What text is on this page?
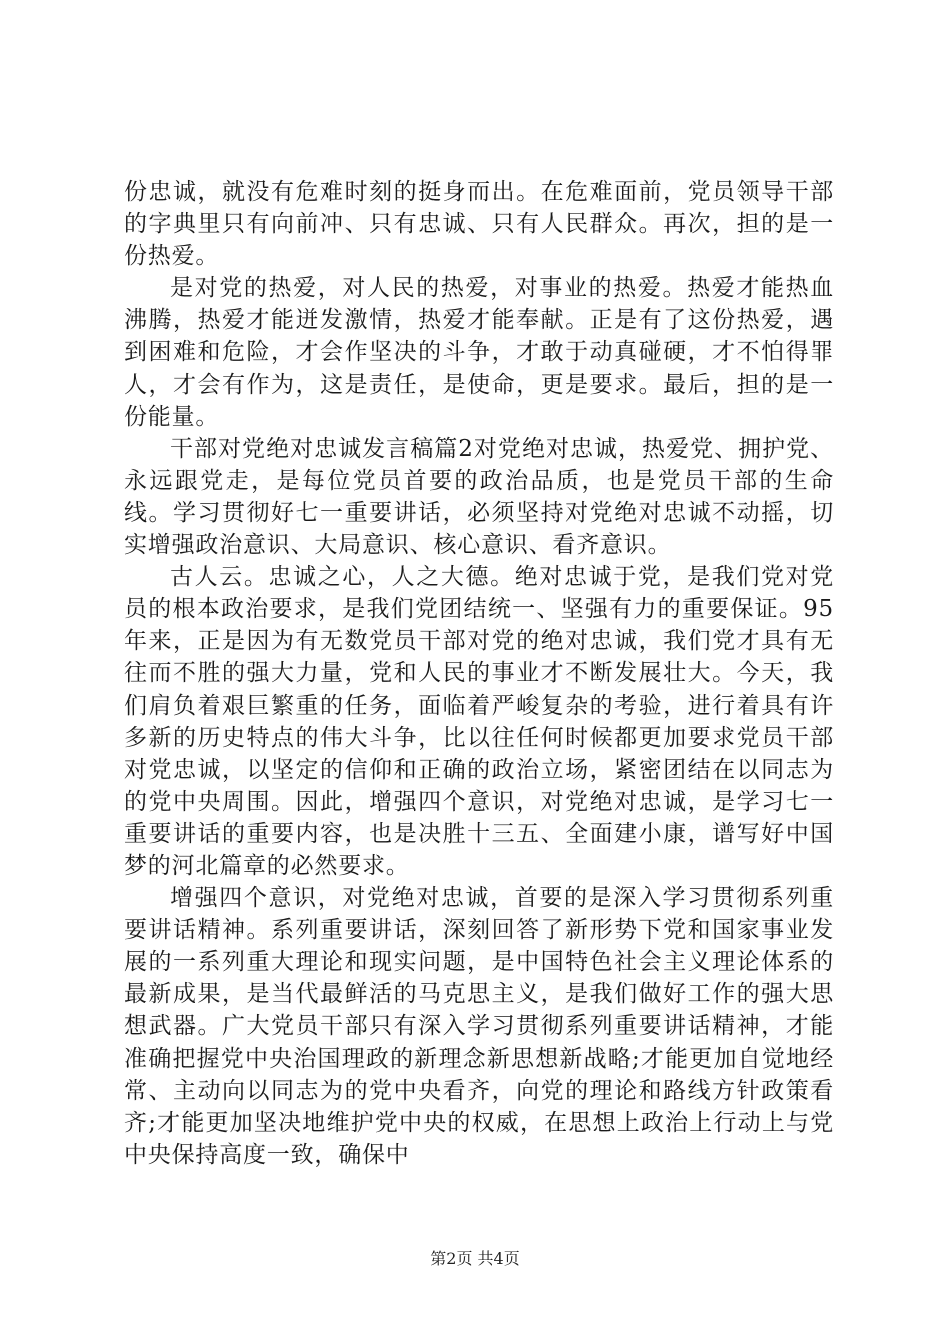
份忠诚，就没有危难时刻的挺身而出。在危难面前，党员领导干部的字典里只有向前冲、只有忠诚、只有人民群众。再次，担的是一份热爱。

是对党的热爱，对人民的热爱，对事业的热爱。热爱才能热血沸腾，热爱才能迸发激情，热爱才能奉献。正是有了这份热爱，遇到困难和危险，才会作坚决的斗争，才敢于动真碰硬，才不怕得罪人，才会有作为，这是责任，是使命，更是要求。最后，担的是一份能量。

干部对党绝对忠诚发言稿篇2对党绝对忠诚，热爱党、拥护党、永远跟党走，是每位党员首要的政治品质，也是党员干部的生命线。学习贯彻好七一重要讲话，必须坚持对党绝对忠诚不动摇，切实增强政治意识、大局意识、核心意识、看齐意识。

古人云。忠诚之心，人之大德。绝对忠诚于党，是我们党对党员的根本政治要求，是我们党团结统一、坚强有力的重要保证。95年来，正是因为有无数党员干部对党的绝对忠诚，我们党才具有无往而不胜的强大力量，党和人民的事业才不断发展壮大。今天，我们肩负着艰巨繁重的任务，面临着严峻复杂的考验，进行着具有许多新的历史特点的伟大斗争，比以往任何时候都更加要求党员干部对党忠诚，以坚定的信仰和正确的政治立场，紧密团结在以同志为的党中央周围。因此，增强四个意识，对党绝对忠诚，是学习七一重要讲话的重要内容，也是决胜十三五、全面建小康，谱写好中国梦的河北篇章的必然要求。

增强四个意识，对党绝对忠诚，首要的是深入学习贯彻系列重要讲话精神。系列重要讲话，深刻回答了新形势下党和国家事业发展的一系列重大理论和现实问题，是中国特色社会主义理论体系的最新成果，是当代最鲜活的马克思主义，是我们做好工作的强大思想武器。广大党员干部只有深入学习贯彻系列重要讲话精神，才能准确把握党中央治国理政的新理念新思想新战略;才能更加自觉地经常、主动向以同志为的党中央看齐，向党的理论和路线方针政策看齐;才能更加坚决地维护党中央的权威，在思想上政治上行动上与党中央保持高度一致，确保中

第2页 共4页
